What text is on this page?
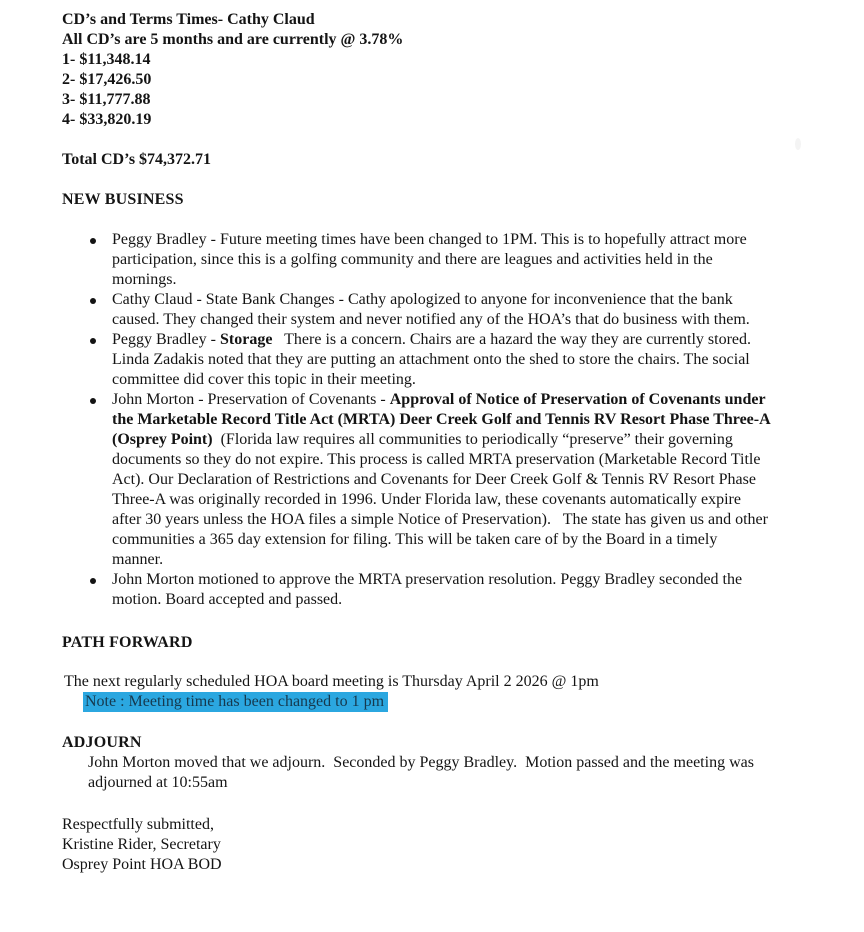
CD’s and Terms Times- Cathy Claud

All CD’s are 5 months and are currently @ 3.78%

1- $11,348.14

2- $17,426.50

3- $11,777.88

4- $33,820.19

Total CD’s $74,372.71

NEW BUSINESS

Peggy Bradley - Future meeting times have been changed to 1PM. This is to hopefully attract more participation, since this is a golfing community and there are leagues and activities held in the mornings.
Cathy Claud - State Bank Changes - Cathy apologized to anyone for inconvenience that the bank caused. They changed their system and never notified any of the HOA’s that do business with them.
Peggy Bradley - Storage   There is a concern. Chairs are a hazard the way they are currently stored.   Linda Zadakis noted that they are putting an attachment onto the shed to store the chairs. The social committee did cover this topic in their meeting.
John Morton - Preservation of Covenants - Approval of Notice of Preservation of Covenants under the Marketable Record Title Act (MRTA) Deer Creek Golf and Tennis RV Resort Phase Three-A (Osprey Point)  (Florida law requires all communities to periodically “preserve” their governing documents so they do not expire. This process is called MRTA preservation (Marketable Record Title Act). Our Declaration of Restrictions and Covenants for Deer Creek Golf & Tennis RV Resort Phase Three-A was originally recorded in 1996. Under Florida law, these covenants automatically expire after 30 years unless the HOA files a simple Notice of Preservation).   The state has given us and other communities a 365 day extension for filing. This will be taken care of by the Board in a timely manner.
John Morton motioned to approve the MRTA preservation resolution. Peggy Bradley seconded the motion. Board accepted and passed.

PATH FORWARD

The next regularly scheduled HOA board meeting is Thursday April 2 2026 @ 1pm

Note : Meeting time has been changed to 1 pm

ADJOURN

John Morton moved that we adjourn.  Seconded by Peggy Bradley.  Motion passed and the meeting was adjourned at 10:55am

Respectfully submitted,

Kristine Rider, Secretary

Osprey Point HOA BOD
